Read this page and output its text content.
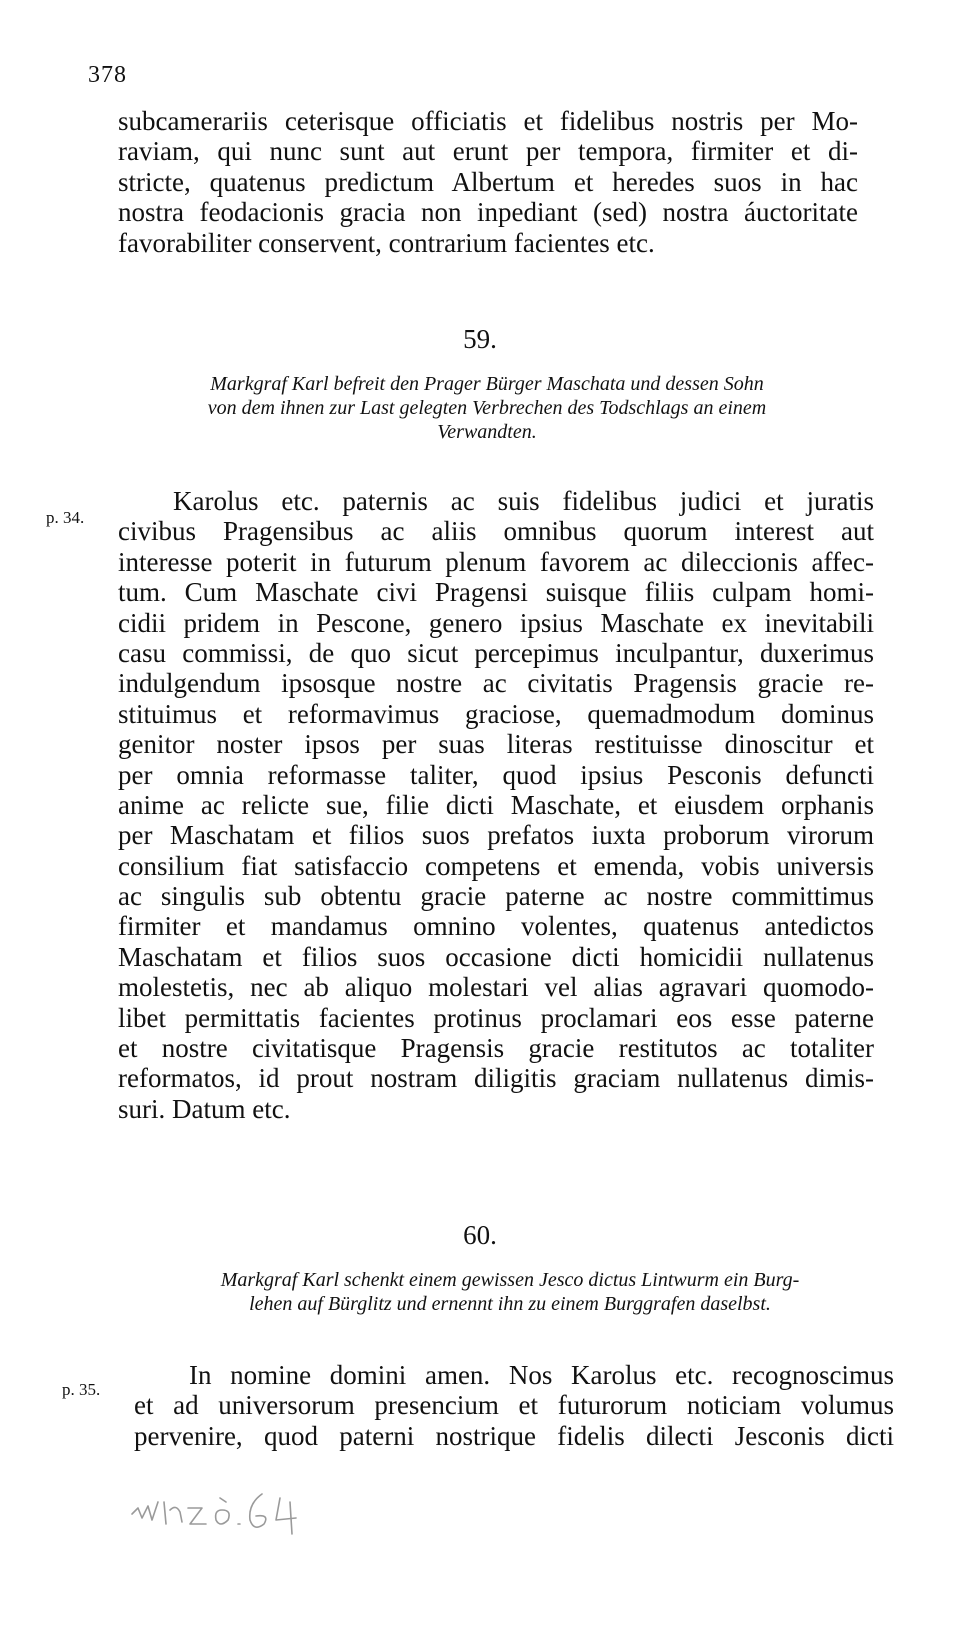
378
subcamerariis ceterisque officiatis et fidelibus nostris per Mo-
raviam, qui nunc sunt aut erunt per tempora, firmiter et di-
stricte, quatenus predictum Albertum et heredes suos in hac
nostra feodacionis gracia non inpediant (sed) nostra áuctoritate
favorabiliter conservent, contrarium facientes etc.
59.
Markgraf Karl befreit den Prager Bürger Maschata und dessen Sohn
von dem ihnen zur Last gelegten Verbrechen des Todschlags an einem
Verwandten.
p. 34.
Karolus etc. paternis ac suis fidelibus judici et juratis
civibus Pragensibus ac aliis omnibus quorum interest aut
interesse poterit in futurum plenum favorem ac dileccionis affec-
tum. Cum Maschate civi Pragensi suisque filiis culpam homi-
cidii pridem in Pescone, genero ipsius Maschate ex inevitabili
casu commissi, de quo sicut percepimus inculpantur, duxerimus
indulgendum ipsosque nostre ac civitatis Pragensis gracie re-
stituimus et reformavimus graciose, quemadmodum dominus
genitor noster ipsos per suas literas restituisse dinoscitur et
per omnia reformasse taliter, quod ipsius Pesconis defuncti
anime ac relicte sue, filie dicti Maschate, et eiusdem orphanis
per Maschatam et filios suos prefatos iuxta proborum virorum
consilium fiat satisfaccio competens et emenda, vobis universis
ac singulis sub obtentu gracie paterne ac nostre committimus
firmiter et mandamus omnino volentes, quatenus antedictos
Maschatam et filios suos occasione dicti homicidii nullatenus
molestetis, nec ab aliquo molestari vel alias agravari quomodo-
libet permittatis facientes protinus proclamari eos esse paterne
et nostre civitatisque Pragensis gracie restitutos ac totaliter
reformatos, id prout nostram diligitis graciam nullatenus dimis-
suri. Datum etc.
60.
Markgraf Karl schenkt einem gewissen Jesco dictus Lintwurm ein Burg-
lehen auf Bürglitz und ernennt ihn zu einem Burggrafen daselbst.
p. 35.	In nomine domini amen. Nos Karolus etc. recognoscimus
et ad universorum presencium et futurorum noticiam volumus
pervenire, quod paterni nostrique fidelis dilecti Jesconis dicti
